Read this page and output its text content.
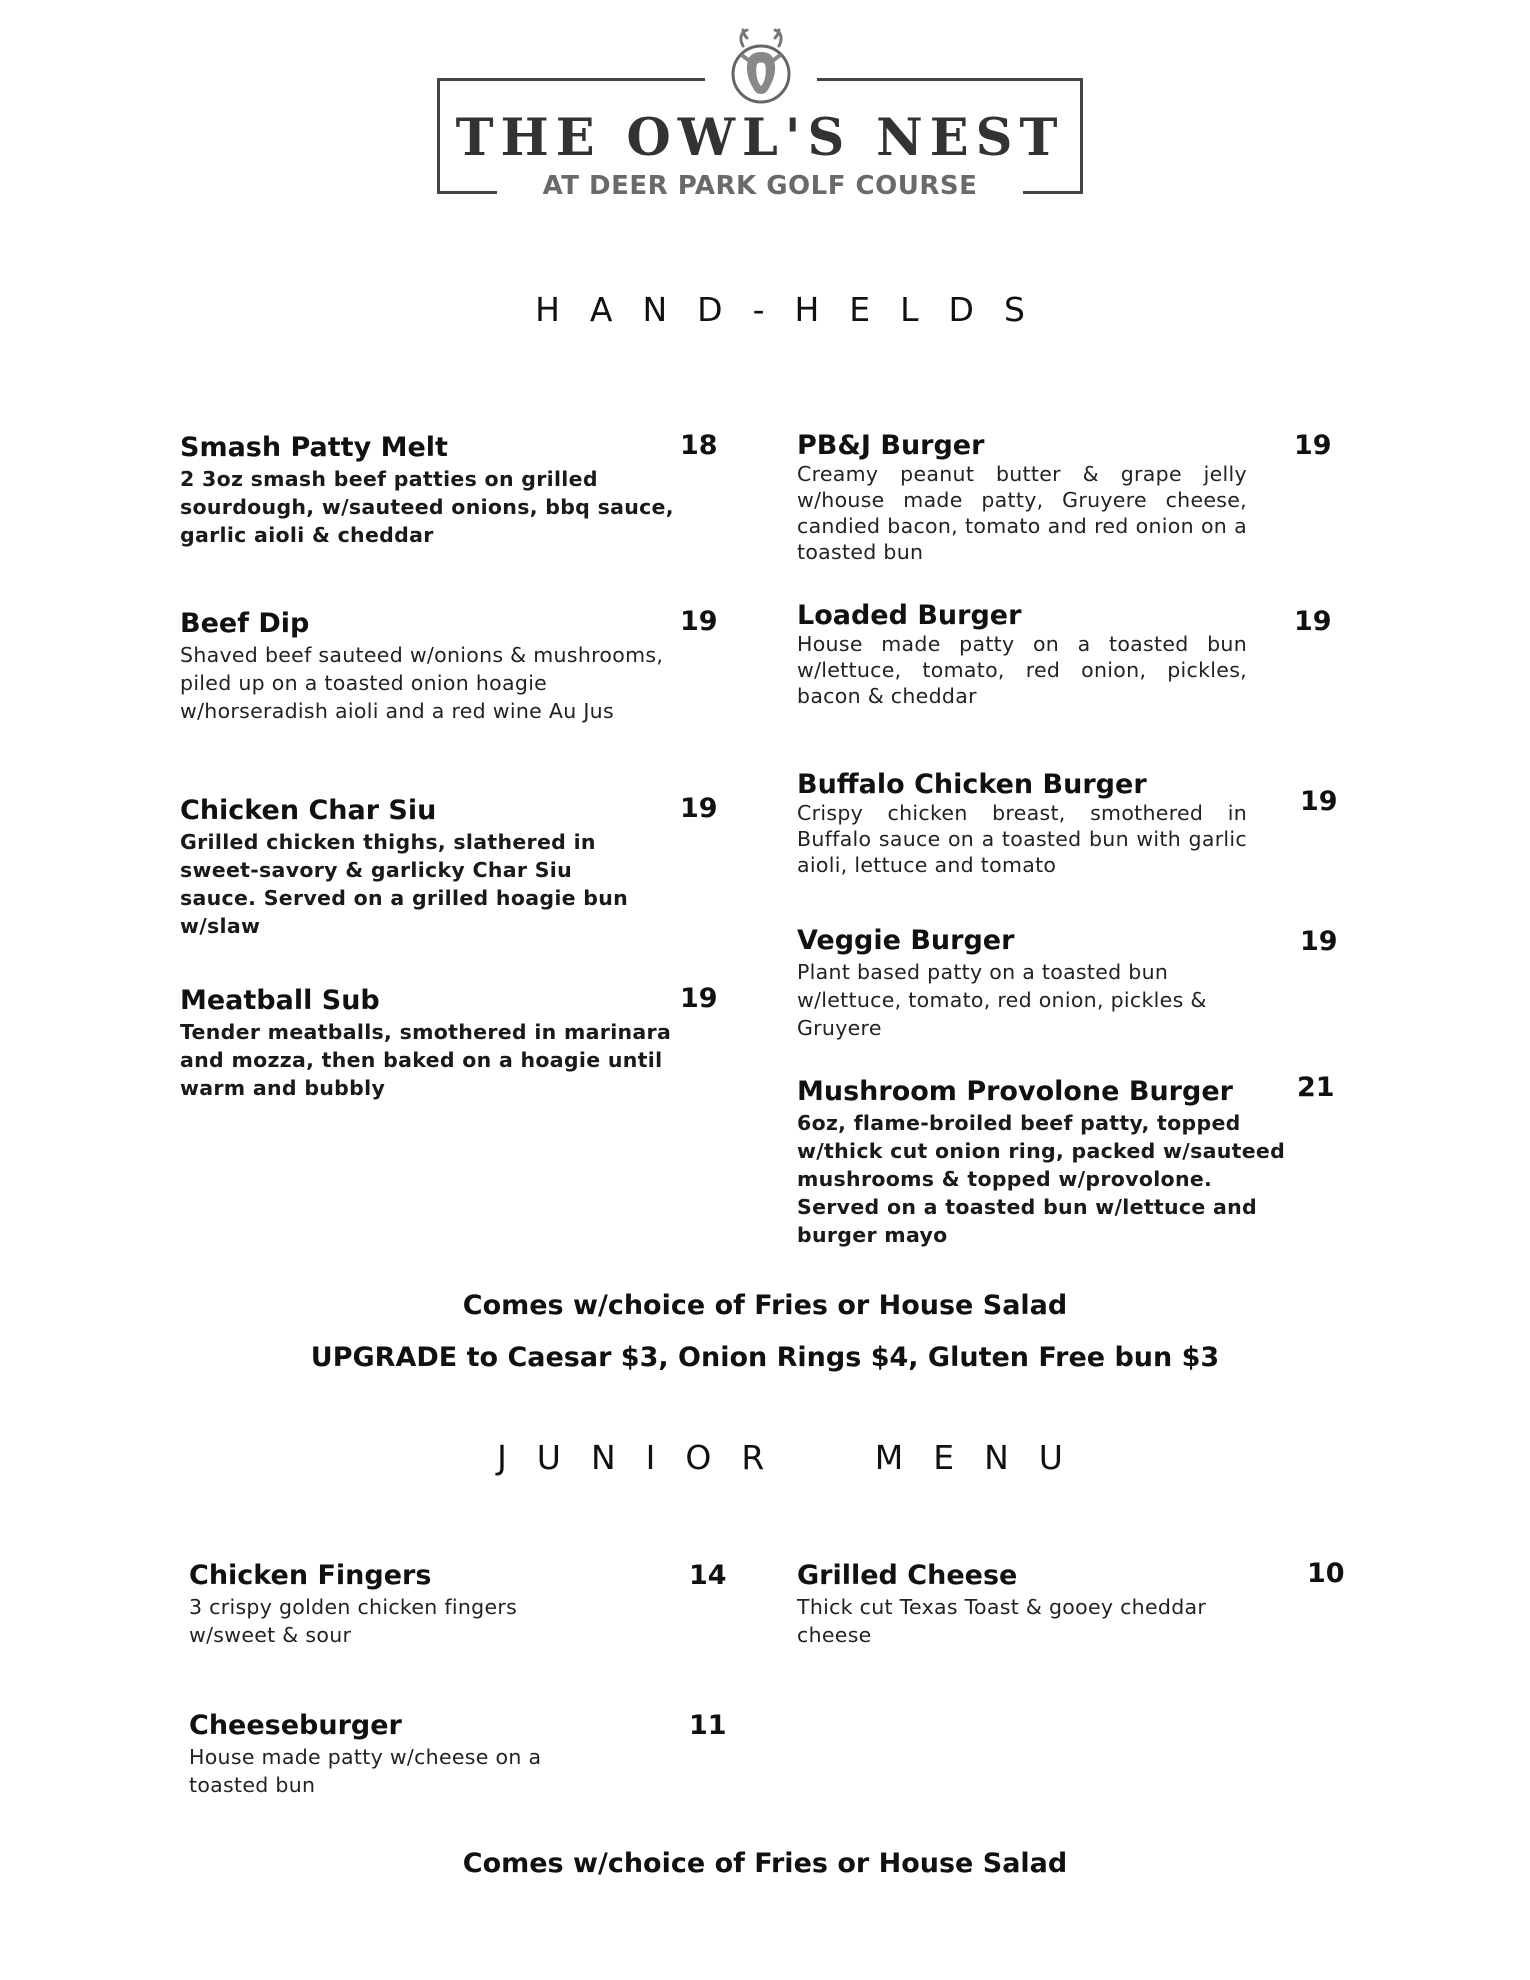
THE OWL'S NEST
AT DEER PARK GOLF COURSE
HAND-HELDS
Smash Patty Melt
2 3oz smash beef patties on grilled sourdough, w/sauteed onions, bbq sauce, garlic aioli & cheddar
18
Beef Dip
Shaved beef sauteed w/onions & mushrooms, piled up on a toasted onion hoagie w/horseradish aioli and a red wine Au Jus
19
Chicken Char Siu
Grilled chicken thighs, slathered in sweet-savory & garlicky Char Siu sauce. Served on a grilled hoagie bun w/slaw
19
Meatball Sub
Tender meatballs, smothered in marinara and mozza, then baked on a hoagie until warm and bubbly
19
PB&J Burger
Creamy peanut butter & grape jelly w/house made patty, Gruyere cheese, candied bacon, tomato and red onion on a toasted bun
19
Loaded Burger
House made patty on a toasted bun w/lettuce, tomato, red onion, pickles, bacon & cheddar
19
Buffalo Chicken Burger
Crispy chicken breast, smothered in Buffalo sauce on a toasted bun with garlic aioli, lettuce and tomato
19
Veggie Burger
Plant based patty on a toasted bun w/lettuce, tomato, red onion, pickles & Gruyere
19
Mushroom Provolone Burger
6oz, flame-broiled beef patty, topped w/thick cut onion ring, packed w/sauteed mushrooms & topped w/provolone. Served on a toasted bun w/lettuce and burger mayo
21
Comes w/choice of Fries or House Salad
UPGRADE to Caesar $3, Onion Rings $4, Gluten Free bun $3
JUNIOR MENU
Chicken Fingers
3 crispy golden chicken fingers w/sweet & sour
14
Cheeseburger
House made patty w/cheese on a toasted bun
11
Grilled Cheese
Thick cut Texas Toast & gooey cheddar cheese
10
Comes w/choice of Fries or House Salad
